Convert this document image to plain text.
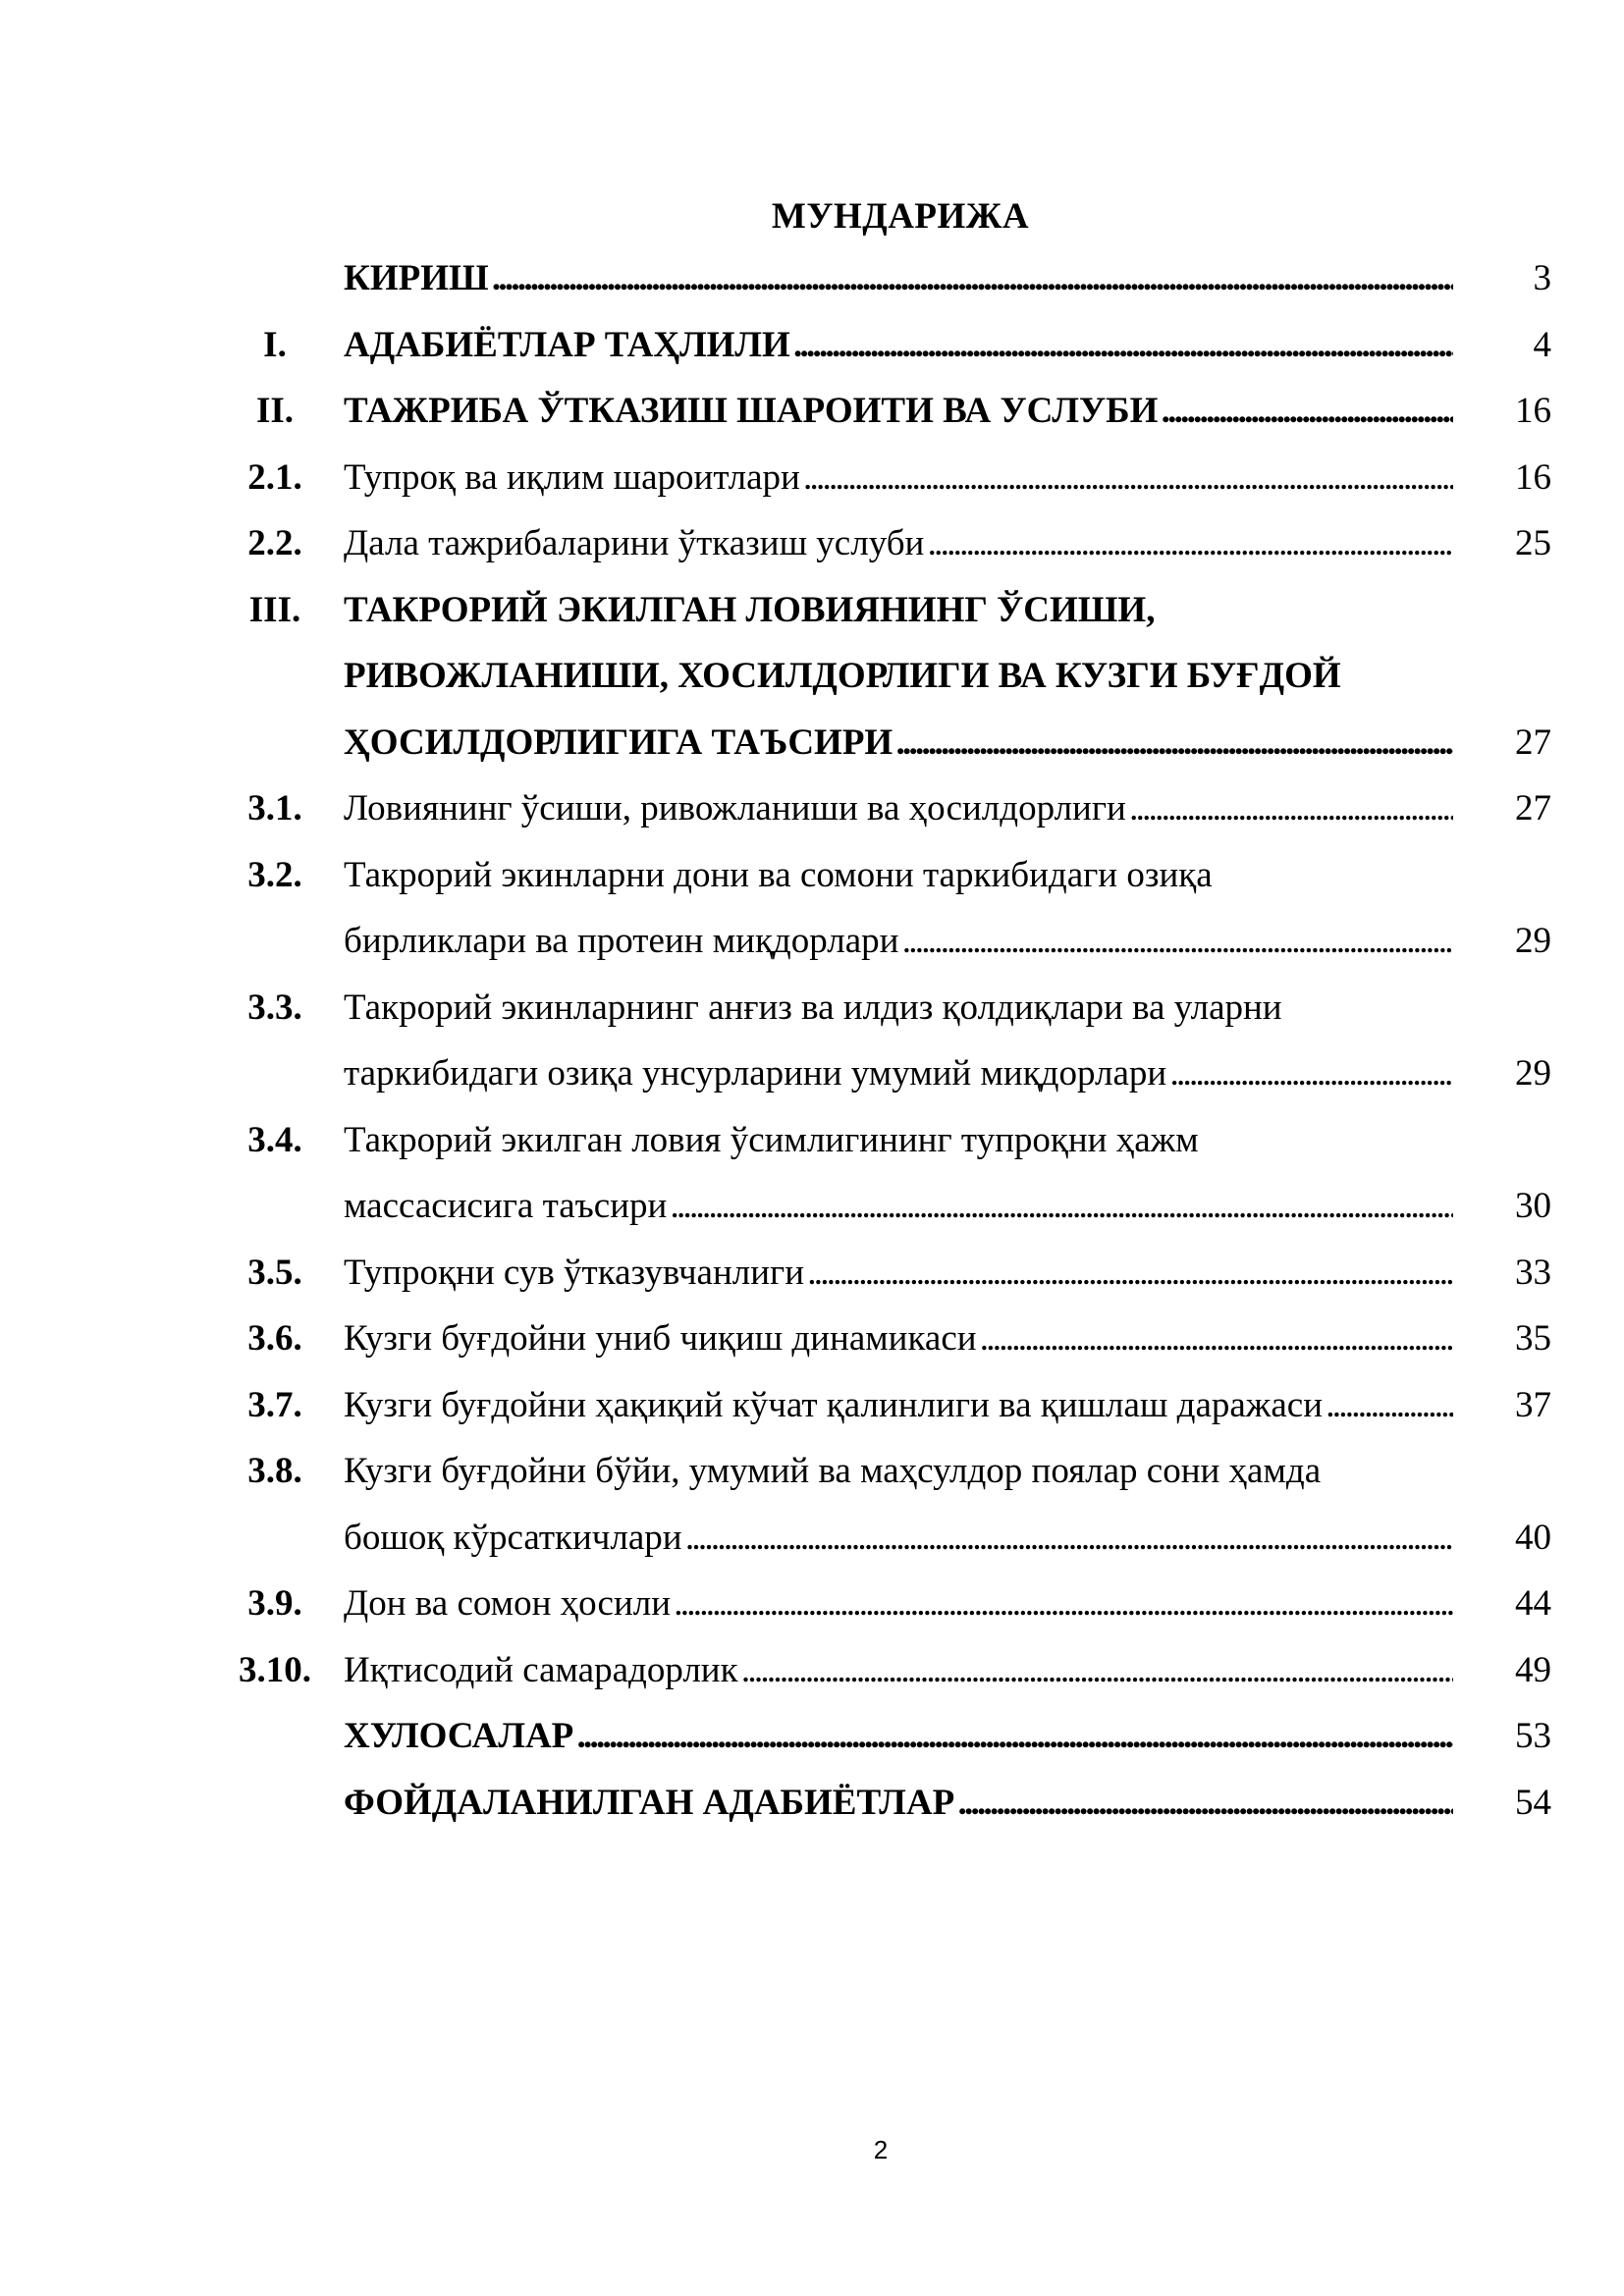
МУНДАРИЖА
КИРИШ . . .	3
I.	АДАБИЁТЛАР ТАҲЛИЛИ . . .	4
II.	ТАЖРИБА ЎТКАЗИШ ШАРОИТИ ВА УСЛУБИ . . .	16
2.1.	Тупроқ ва иқлим шароитлари . . .	16
2.2.	Дала тажрибаларини ўтказиш услуби . . .	25
III.	ТАКРОРИЙ ЭКИЛГАН ЛОВИЯНИНГ ЎСИШИ,
РИВОЖЛАНИШИ, ХОСИЛДОРЛИГИ ВА КУЗГИ БУҒДОЙ
ҲОСИЛДОРЛИГИГА ТАЪСИРИ . . .	27
3.1.	Ловиянинг ўсиши, ривожланиши ва ҳосилдорлиги . . .	27
3.2.	Такрорий экинларни дони ва сомони таркибидаги озиқа
бирликлари ва протеин миқдорлари . . .	29
3.3.	Такрорий экинларнинг анғиз ва илдиз қолдиқлари ва уларни
таркибидаги озиқа унсурларини умумий миқдорлари . . .	29
3.4.	Такрорий экилган ловия ўсимлигининг тупроқни ҳажм
массасисига таъсири . . .	30
3.5.	Тупроқни сув ўтказувчанлиги . . .	33
3.6.	Кузги буғдойни униб чиқиш динамикаси . . .	35
3.7.	Кузги буғдойни ҳақиқий кўчат қалинлиги ва қишлаш даражаси . . .	37
3.8.	Кузги буғдойни бўйи, умумий ва маҳсулдор поялар сони ҳамда
бошоқ кўрсаткичлари . . .	40
3.9.	Дон ва сомон ҳосили . . .	44
3.10. Иқтисодий самарадорлик . . .	49
ХУЛОСАЛАР . . .	53
ФОЙДАЛАНИЛГАН АДАБИЁТЛАР . . .	54
2
